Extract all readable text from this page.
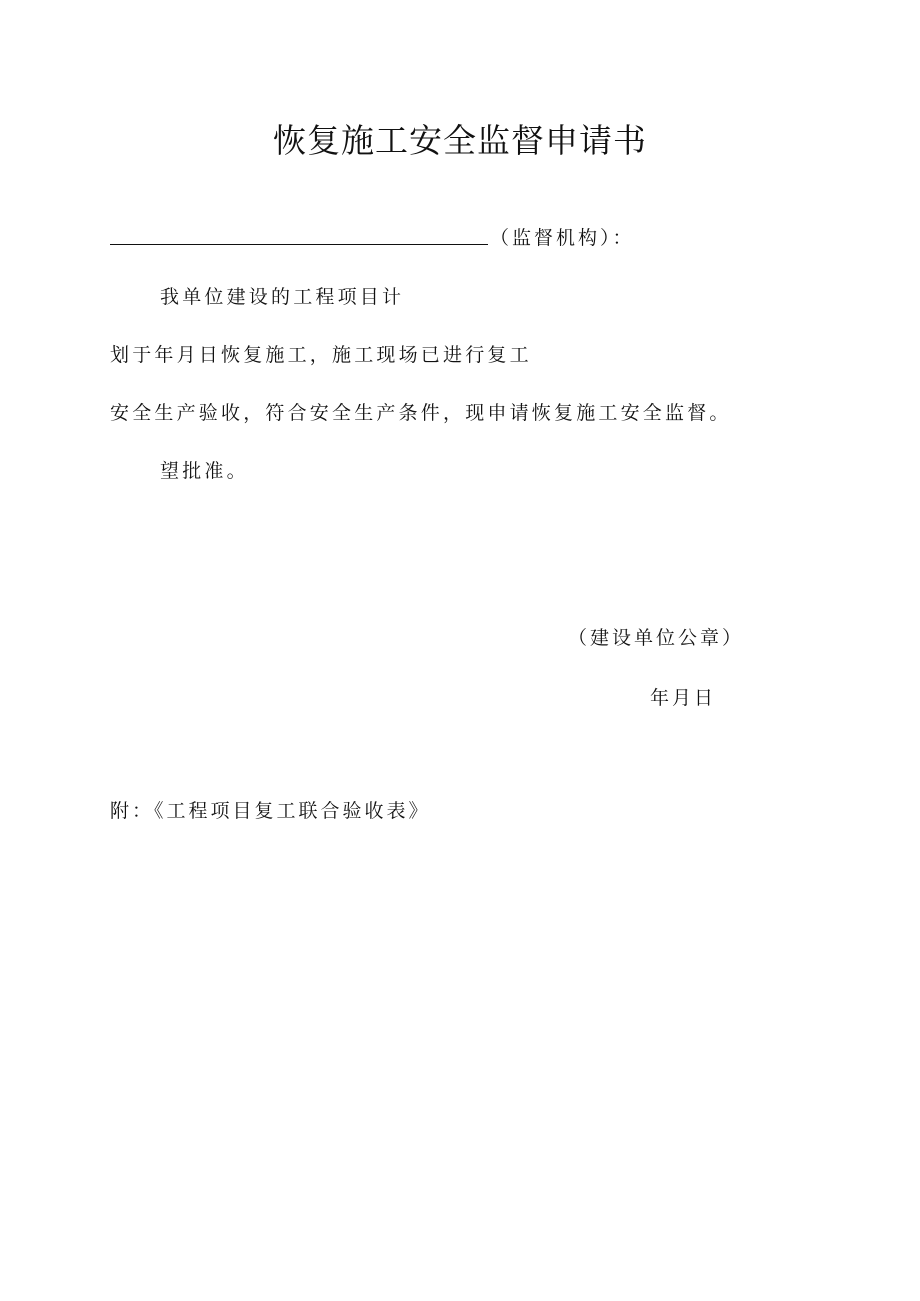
恢复施工安全监督申请书
（监督机构）：
我单位建设的工程项目计
划于年月日恢复施工，施工现场已进行复工
安全生产验收，符合安全生产条件，现申请恢复施工安全监督。
望批准。
（建设单位公章）
年月日
附：《工程项目复工联合验收表》
